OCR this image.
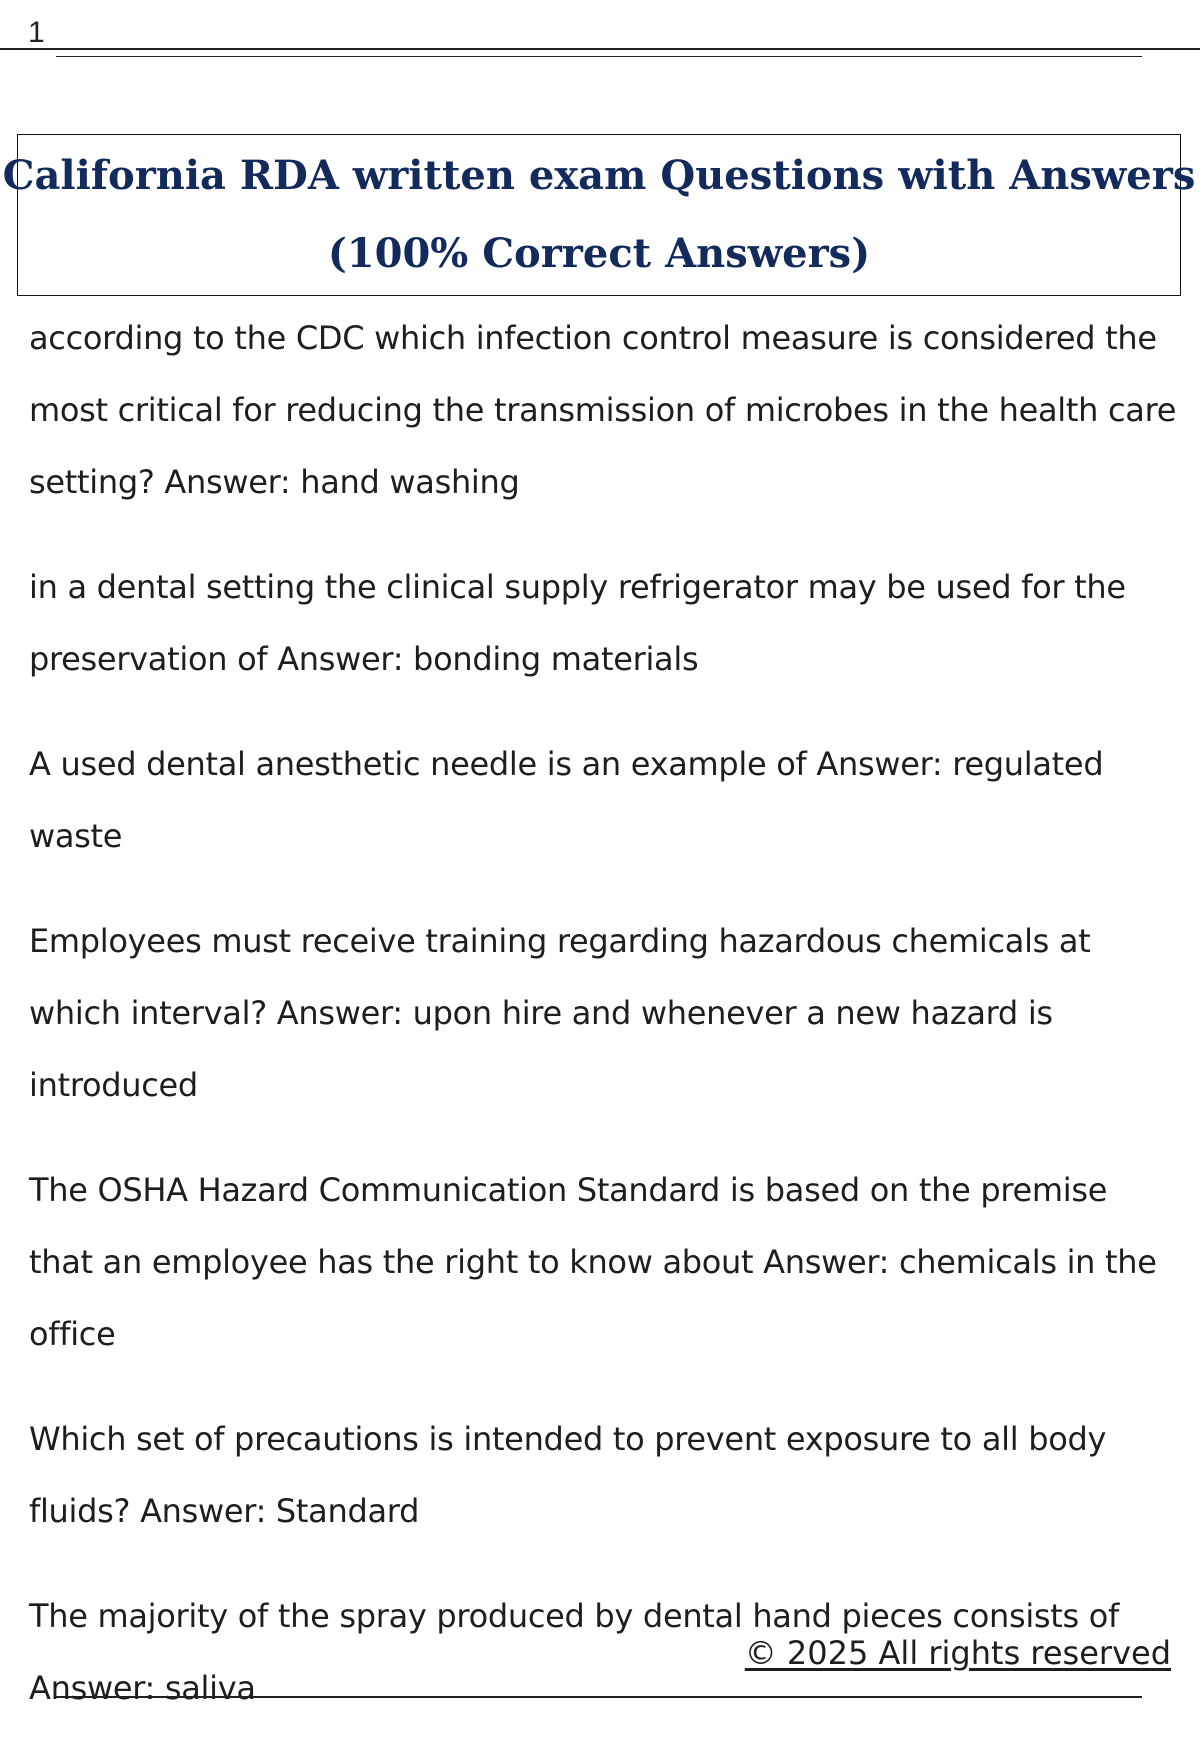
1
California RDA written exam Questions with Answers
(100% Correct Answers)

according to the CDC which infection control measure is considered the most critical for reducing the transmission of microbes in the health care setting? Answer: hand washing

in a dental setting the clinical supply refrigerator may be used for the preservation of Answer: bonding materials

A used dental anesthetic needle is an example of Answer: regulated waste

Employees must receive training regarding hazardous chemicals at which interval? Answer: upon hire and whenever a new hazard is introduced

The OSHA Hazard Communication Standard is based on the premise that an employee has the right to know about Answer: chemicals in the office

Which set of precautions is intended to prevent exposure to all body fluids? Answer: Standard

The majority of the spray produced by dental hand pieces consists of Answer: saliva

© 2025 All rights reserved
